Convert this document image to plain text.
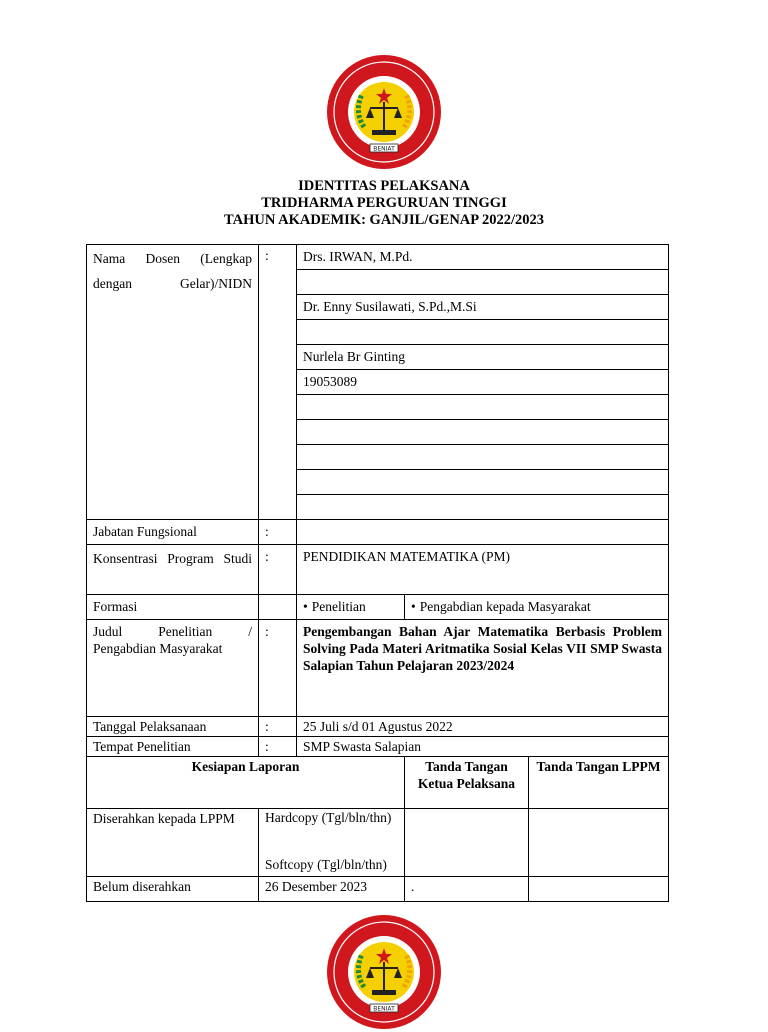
BENIAT
IDENTITAS PELAKSANA
TRIDHARMA PERGURUAN TINGGI
TAHUN AKADEMIK: GANJIL/GENAP 2022/2023
Nama Dosen (Lengkap dengan Gelar)/NIDN	:	Drs. IRWAN, M.Pd.		

		Dr. Enny Susilawati, S.Pd.,M.Si		

		Nurlela Br Ginting		
		19053089		

Jabatan Fungsional	:			

Konsentrasi Program Studi	:	PENDIDIKAN MATEMATIKA (PM)		
Formasi		•Penelitian	•Pengabdian kepada Masyarakat

Judul Penelitian / Pengabdian Masyarakat	:	Pengembangan Bahan Ajar Matematika Berbasis Problem Solving Pada Materi Aritmatika Sosial Kelas VII SMP Swasta Salapian Tahun Pelajaran 2023/2024		

Tanggal Pelaksanaan	:	25 Juli s/d 01 Agustus 2022		
Tempat Penelitian	:	SMP Swasta Salapian		
Kesiapan Laporan			Tanda Tangan Ketua Pelaksana	Tanda Tangan LPPM

Diserahkan kepada LPPM	Hardcopy (Tgl/bln/thn)
Softcopy (Tgl/bln/thn)			

Belum diserahkan	26 Desember 2023		.	
BENIAT
